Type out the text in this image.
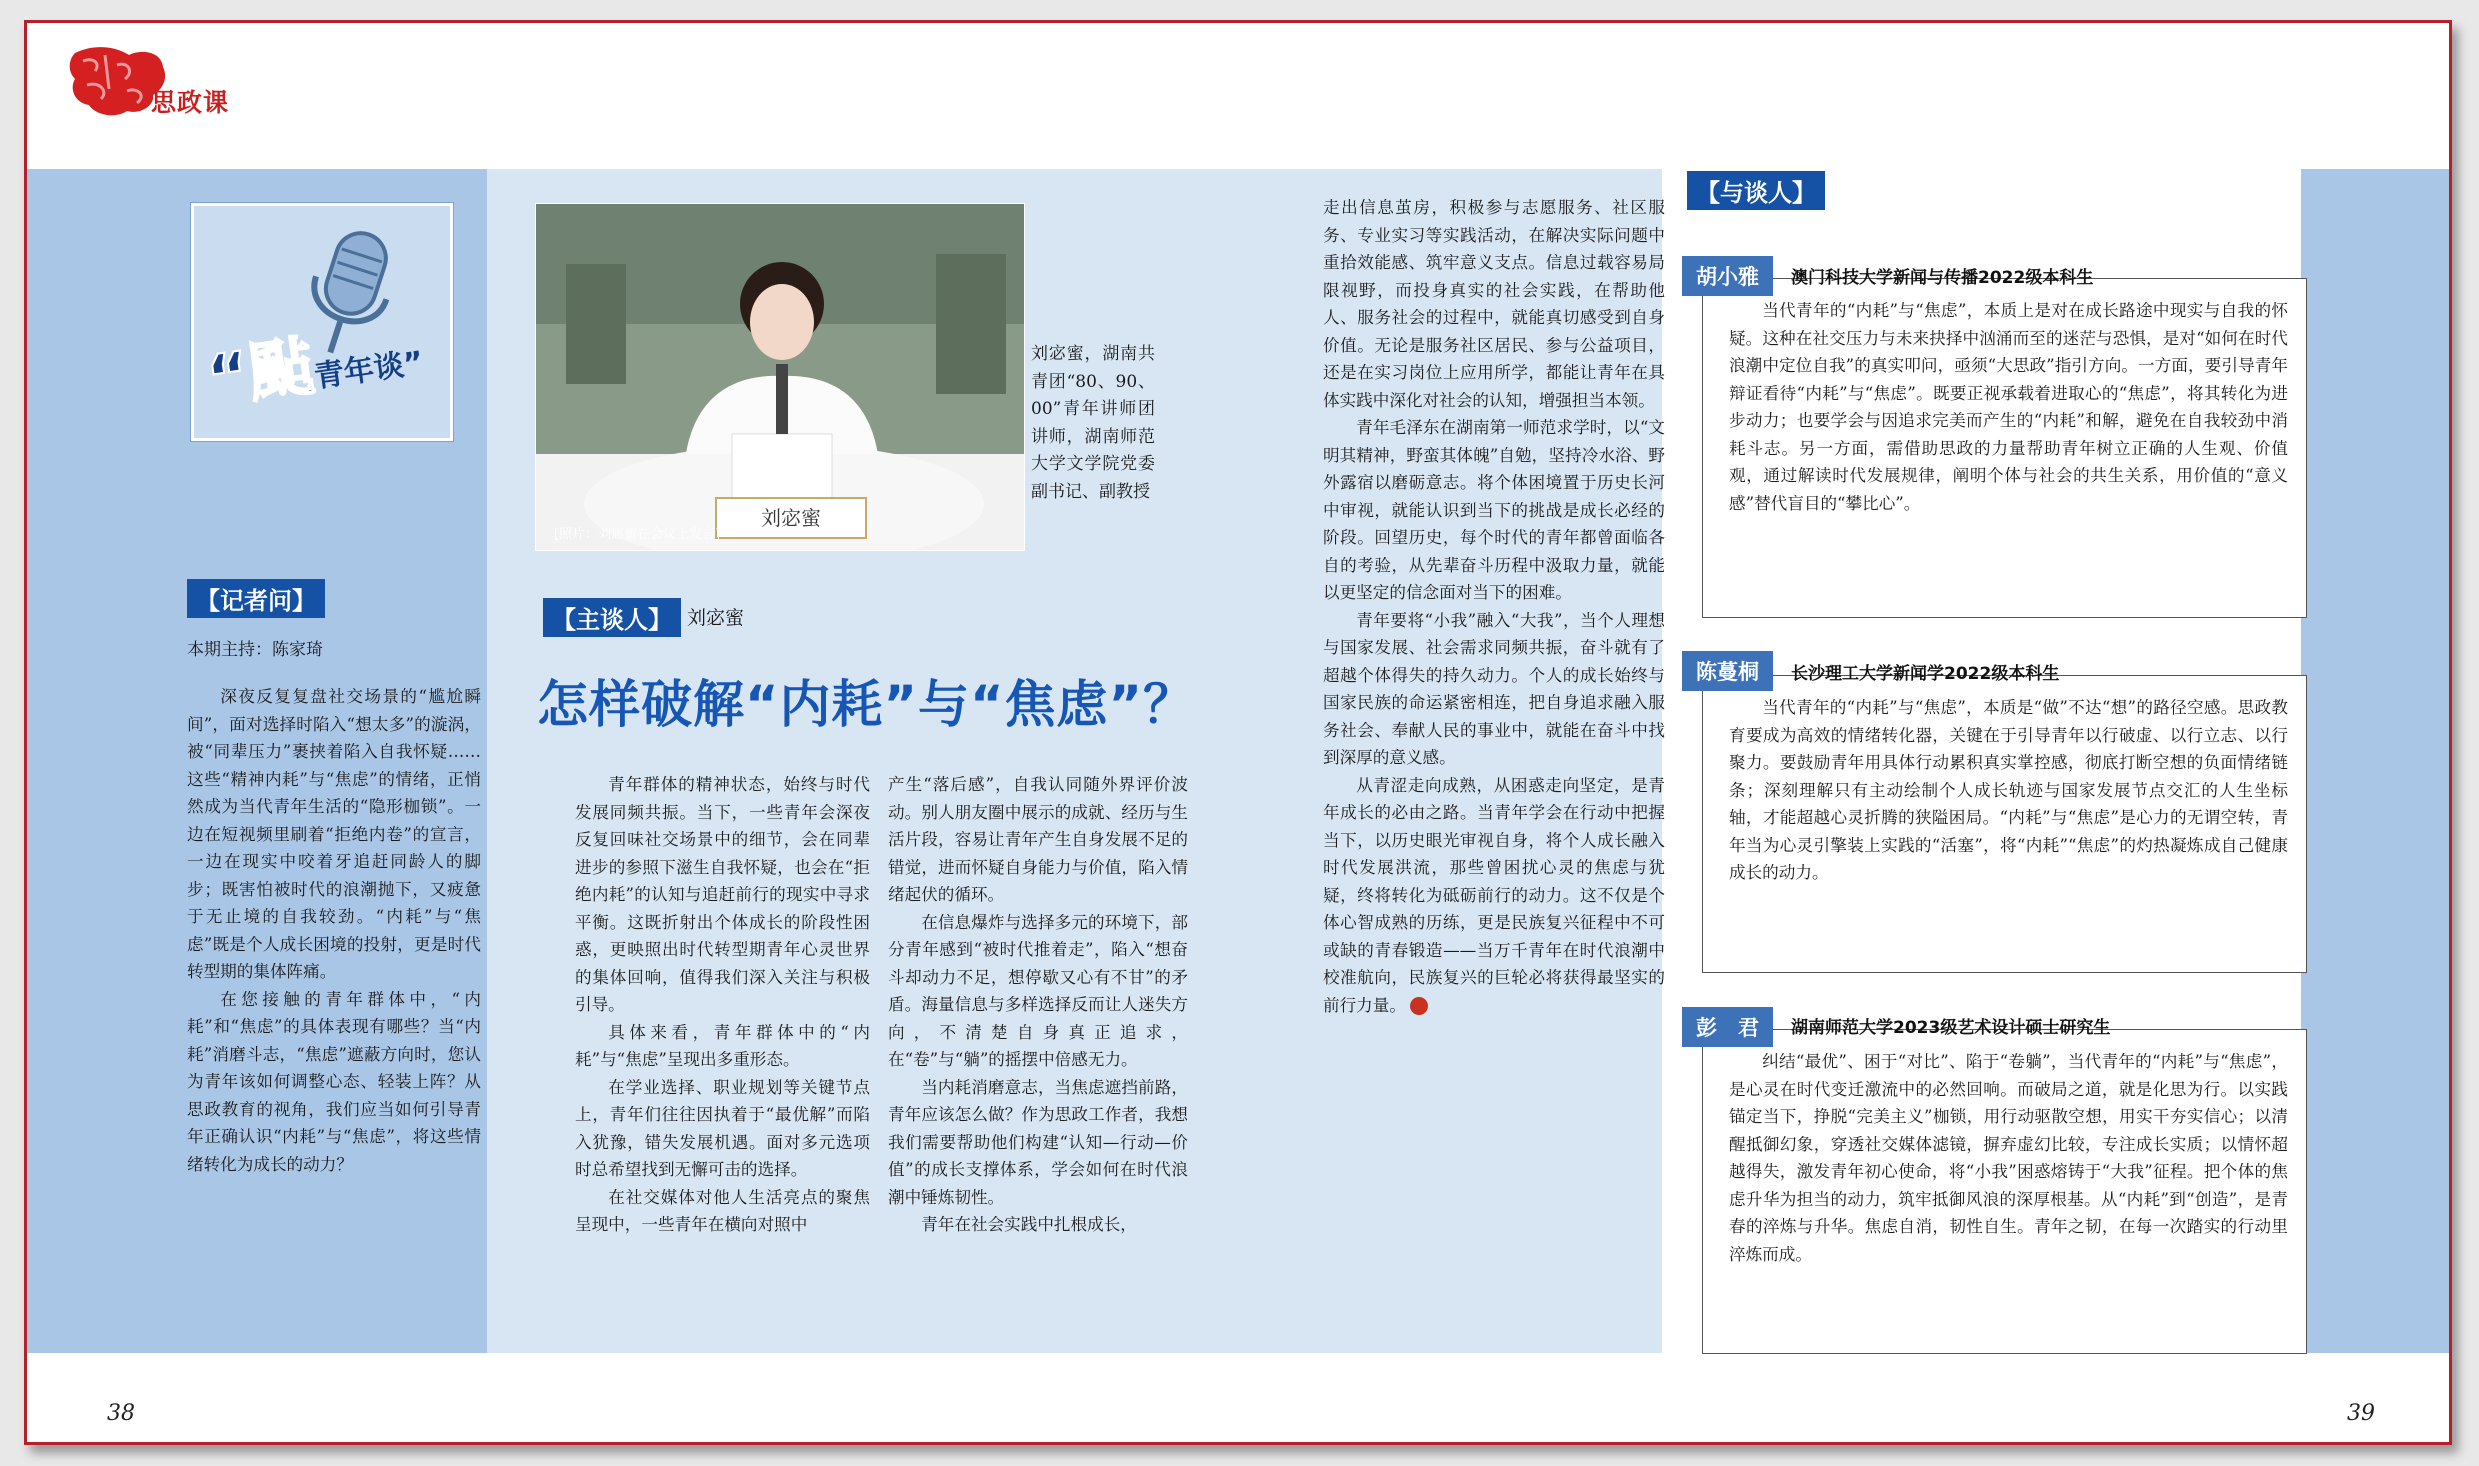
思政课
“颭青年谈”
【记者问】
本期主持：陈家琦

深夜反复复盘社交场景的“尴尬瞬间”，面对选择时陷入“想太多”的漩涡，被“同辈压力”裹挟着陷入自我怀疑……这些“精神内耗”与“焦虑”的情绪，正悄然成为当代青年生活的“隐形枷锁”。一边在短视频里刷着“拒绝内卷”的宣言，一边在现实中咬着牙追赶同龄人的脚步；既害怕被时代的浪潮抛下，又疲惫于无止境的自我较劲。“内耗”与“焦虑”既是个人成长困境的投射，更是时代转型期的集体阵痛。

在您接触的青年群体中，“内耗”和“焦虑”的具体表现有哪些？当“内耗”消磨斗志，“焦虑”遮蔽方向时，您认为青年该如何调整心态、轻装上阵？从思政教育的视角，我们应当如何引导青年正确认识“内耗”与“焦虑”，将这些情绪转化为成长的动力？

刘宓蜜
[照片：刘宓蜜在会议上发言]
刘宓蜜，湖南共青团“80、90、00”青年讲师团讲师，湖南师范大学文学院党委副书记、副教授
【主谈人】 刘宓蜜
怎样破解“内耗”与“焦虑”？

青年群体的精神状态，始终与时代发展同频共振。当下，一些青年会深夜反复回味社交场景中的细节，会在同辈进步的参照下滋生自我怀疑，也会在“拒绝内耗”的认知与追赶前行的现实中寻求平衡。这既折射出个体成长的阶段性困惑，更映照出时代转型期青年心灵世界的集体回响，值得我们深入关注与积极引导。

具体来看，青年群体中的“内耗”与“焦虑”呈现出多重形态。

在学业选择、职业规划等关键节点上，青年们往往因执着于“最优解”而陷入犹豫，错失发展机遇。面对多元选项时总希望找到无懈可击的选择。

在社交媒体对他人生活亮点的聚焦呈现中，一些青年在横向对照中

产生“落后感”，自我认同随外界评价波动。别人朋友圈中展示的成就、经历与生活片段，容易让青年产生自身发展不足的错觉，进而怀疑自身能力与价值，陷入情绪起伏的循环。

在信息爆炸与选择多元的环境下，部分青年感到“被时代推着走”，陷入“想奋斗却动力不足，想停歇又心有不甘”的矛盾。海量信息与多样选择反而让人迷失方向，不清楚自身真正追求，在“卷”与“躺”的摇摆中倍感无力。

当内耗消磨意志，当焦虑遮挡前路，青年应该怎么做？作为思政工作者，我想我们需要帮助他们构建“认知—行动—价值”的成长支撑体系，学会如何在时代浪潮中锤炼韧性。

青年在社会实践中扎根成长，

走出信息茧房，积极参与志愿服务、社区服务、专业实习等实践活动，在解决实际问题中重拾效能感、筑牢意义支点。信息过载容易局限视野，而投身真实的社会实践，在帮助他人、服务社会的过程中，就能真切感受到自身价值。无论是服务社区居民、参与公益项目，还是在实习岗位上应用所学，都能让青年在具体实践中深化对社会的认知，增强担当本领。

青年毛泽东在湖南第一师范求学时，以“文明其精神，野蛮其体魄”自勉，坚持冷水浴、野外露宿以磨砺意志。将个体困境置于历史长河中审视，就能认识到当下的挑战是成长必经的阶段。回望历史，每个时代的青年都曾面临各自的考验，从先辈奋斗历程中汲取力量，就能以更坚定的信念面对当下的困难。

青年要将“小我”融入“大我”，当个人理想与国家发展、社会需求同频共振，奋斗就有了超越个体得失的持久动力。个人的成长始终与国家民族的命运紧密相连，把自身追求融入服务社会、奉献人民的事业中，就能在奋斗中找到深厚的意义感。

从青涩走向成熟，从困惑走向坚定，是青年成长的必由之路。当青年学会在行动中把握当下，以历史眼光审视自身，将个人成长融入时代发展洪流，那些曾困扰心灵的焦虑与犹疑，终将转化为砥砺前行的动力。这不仅是个体心智成熟的历练，更是民族复兴征程中不可或缺的青春锻造——当万千青年在时代浪潮中校准航向，民族复兴的巨轮必将获得最坚实的前行力量。

【与谈人】

当代青年的“内耗”与“焦虑”，本质上是对在成长路途中现实与自我的怀疑。这种在社交压力与未来抉择中汹涌而至的迷茫与恐惧，是对“如何在时代浪潮中定位自我”的真实叩问，亟须“大思政”指引方向。一方面，要引导青年辩证看待“内耗”与“焦虑”。既要正视承载着进取心的“焦虑”，将其转化为进步动力；也要学会与因追求完美而产生的“内耗”和解，避免在自我较劲中消耗斗志。另一方面，需借助思政的力量帮助青年树立正确的人生观、价值观，通过解读时代发展规律，阐明个体与社会的共生关系，用价值的“意义感”替代盲目的“攀比心”。

胡小雅	澳门科技大学新闻与传播2022级本科生

当代青年的“内耗”与“焦虑”，本质是“做”不达“想”的路径空感。思政教育要成为高效的情绪转化器，关键在于引导青年以行破虚、以行立志、以行聚力。要鼓励青年用具体行动累积真实掌控感，彻底打断空想的负面情绪链条；深刻理解只有主动绘制个人成长轨迹与国家发展节点交汇的人生坐标轴，才能超越心灵折腾的狭隘困局。“内耗”与“焦虑”是心力的无谓空转，青年当为心灵引擎装上实践的“活塞”，将“内耗”“焦虑”的灼热凝炼成自己健康成长的动力。

陈蔓桐	长沙理工大学新闻学2022级本科生

纠结“最优”、困于“对比”、陷于“卷躺”，当代青年的“内耗”与“焦虑”，是心灵在时代变迁激流中的必然回响。而破局之道，就是化思为行。以实践锚定当下，挣脱“完美主义”枷锁，用行动驱散空想，用实干夯实信心；以清醒抵御幻象，穿透社交媒体滤镜，摒弃虚幻比较，专注成长实质；以情怀超越得失，激发青年初心使命，将“小我”困惑熔铸于“大我”征程。把个体的焦虑升华为担当的动力，筑牢抵御风浪的深厚根基。从“内耗”到“创造”，是青春的淬炼与升华。焦虑自消，韧性自生。青年之韧，在每一次踏实的行动里淬炼而成。

彭　君	湖南师范大学2023级艺术设计硕士研究生
38	39
